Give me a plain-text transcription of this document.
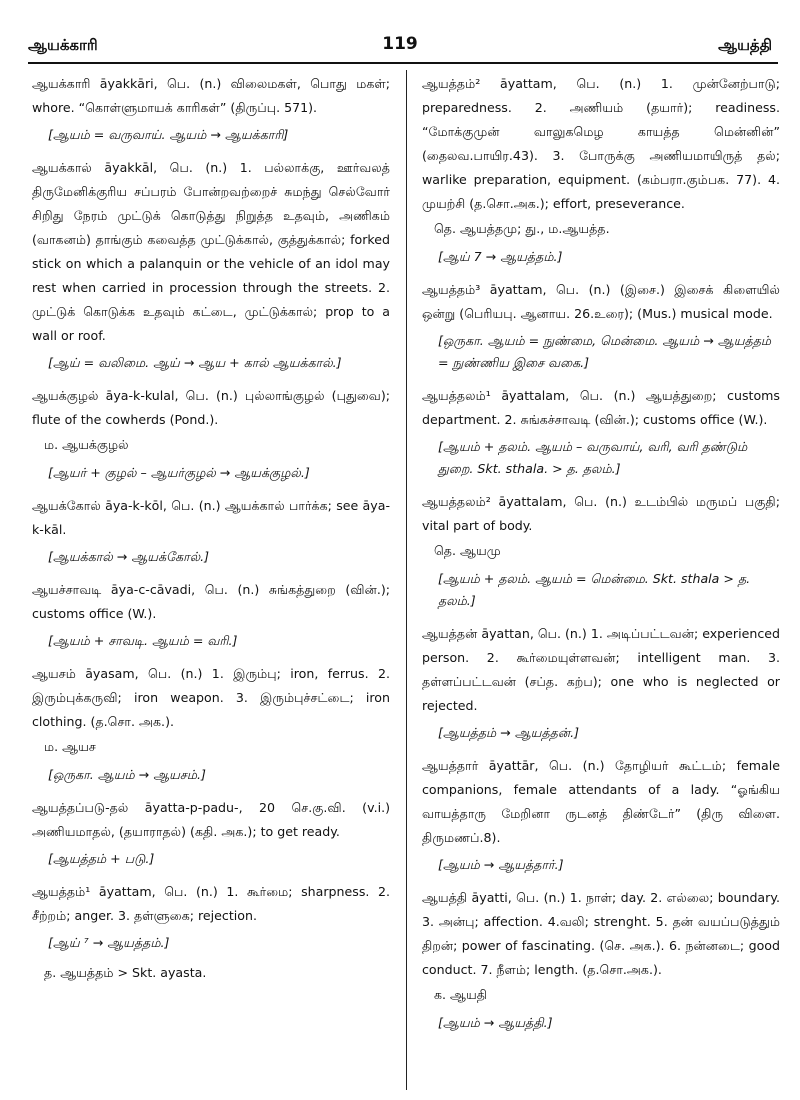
ஆயக்காரி	119	ஆயத்தி

ஆயக்காரி āyakkāri, பெ. (n.) விலைமகள், பொது மகள்; whore. “கொள்ளுமாயக் காரிகள்” (திருப்பு. 571).

[ஆயம் = வருவாய். ஆயம் → ஆயக்காரி]

ஆயக்கால் āyakkāl, பெ. (n.) 1. பல்லாக்கு, ஊர்வலத் திருமேனிக்குரிய சப்பரம் போன்றவற்றைச் சுமந்து செல்வோர் சிறிது நேரம் முட்டுக் கொடுத்து நிறுத்த உதவும், அணிகம் (வாகனம்) தாங்கும் கவைத்த முட்டுக்கால், குத்துக்கால்; forked stick on which a palanquin or the vehicle of an idol may rest when carried in procession through the streets. 2. முட்டுக் கொடுக்க உதவும் கட்டை, முட்டுக்கால்; prop to a wall or roof.

[ஆய் = வலிமை. ஆய் → ஆய + கால் ஆயக்கால்.]

ஆயக்குழல் āya-k-kulal, பெ. (n.) புல்லாங்குழல் (புதுவை); flute of the cowherds (Pond.).

ம. ஆயக்குழல்
[ஆயர் + குழல் – ஆயர்குழல் → ஆயக்குழல்.]

ஆயக்கோல் āya-k-kōl, பெ. (n.) ஆயக்கால் பார்க்க; see āya-k-kāl.

[ஆயக்கால் → ஆயக்கோல்.]

ஆயச்சாவடி āya-c-cāvadi, பெ. (n.) சுங்கத்துறை (வின்.); customs office (W.).

[ஆயம் + சாவடி. ஆயம் = வரி.]

ஆயசம் āyasam, பெ. (n.) 1. இரும்பு; iron, ferrus. 2. இரும்புக்கருவி; iron weapon. 3. இரும்புச்சட்டை; iron clothing. (த.சொ. அக.).

ம. ஆயச
[ஒருகா. ஆயம் → ஆயசம்.]

ஆயத்தப்படு-தல் āyatta-p-padu-, 20 செ.கு.வி. (v.i.) அணியமாதல், (தயாராதல்) (கதி. அக.); to get ready.

[ஆயத்தம் + படு.]

ஆயத்தம்¹ āyattam, பெ. (n.) 1. கூர்மை; sharpness. 2. சீற்றம்; anger. 3. தள்ளுகை; rejection.

[ஆய் ⁷ → ஆயத்தம்.]
த. ஆயத்தம் > Skt. ayasta.

ஆயத்தம்² āyattam, பெ. (n.) 1. முன்னேற்பாடு; preparedness. 2. அணியம் (தயார்); readiness. “மோக்குமுன் வாலுகமெழ காயத்த மென்னின்” (தைலவ.பாயிர.43). 3. போருக்கு அணியமாயிருத் தல்; warlike preparation, equipment. (கம்பரா.கும்பக. 77). 4. முயற்சி (த.சொ.அக.); effort, preseverance.

தெ. ஆயத்தமு; து., ம.ஆயத்த.
[ஆய் 7 → ஆயத்தம்.]

ஆயத்தம்³ āyattam, பெ. (n.) (இசை.) இசைக் கிளையில் ஒன்று (பெரியபு. ஆனாய. 26.உரை); (Mus.) musical mode.

[ஒருகா. ஆயம் = நுண்மை, மென்மை. ஆயம் → ஆயத்தம் = நுண்ணிய இசை வகை.]

ஆயத்தலம்¹ āyattalam, பெ. (n.) ஆயத்துறை; customs department. 2. சுங்கச்சாவடி (வின்.); customs office (W.).

[ஆயம் + தலம். ஆயம் – வருவாய், வரி, வரி தண்டும் துறை. Skt. sthala. > த. தலம்.]

ஆயத்தலம்² āyattalam, பெ. (n.) உடம்பில் மருமப் பகுதி; vital part of body.

தெ. ஆயமு
[ஆயம் + தலம். ஆயம் = மென்மை. Skt. sthala > த. தலம்.]

ஆயத்தன் āyattan, பெ. (n.) 1. அடிப்பட்டவன்; experienced person. 2. கூர்மையுள்ளவன்; intelligent man. 3. தள்ளப்பட்டவன் (சப்த. கற்ப); one who is neglected or rejected.

[ஆயத்தம் → ஆயத்தன்.]

ஆயத்தார் āyattār, பெ. (n.) தோழியர் கூட்டம்; female companions, female attendants of a lady. “ஓங்கிய வாயத்தாரு மேறினா ருடனத் திண்டேர்” (திரு விளை. திருமணப்.8).

[ஆயம் → ஆயத்தார்.]

ஆயத்தி āyatti, பெ. (n.) 1. நாள்; day. 2. எல்லை; boundary. 3. அன்பு; affection. 4.வலி; strenght. 5. தன் வயப்படுத்தும் திறன்; power of fascinating. (செ. அக.). 6. நன்னடை; good conduct. 7. நீளம்; length. (த.சொ.அக.).

க. ஆயதி
[ஆயம் → ஆயத்தி.]
